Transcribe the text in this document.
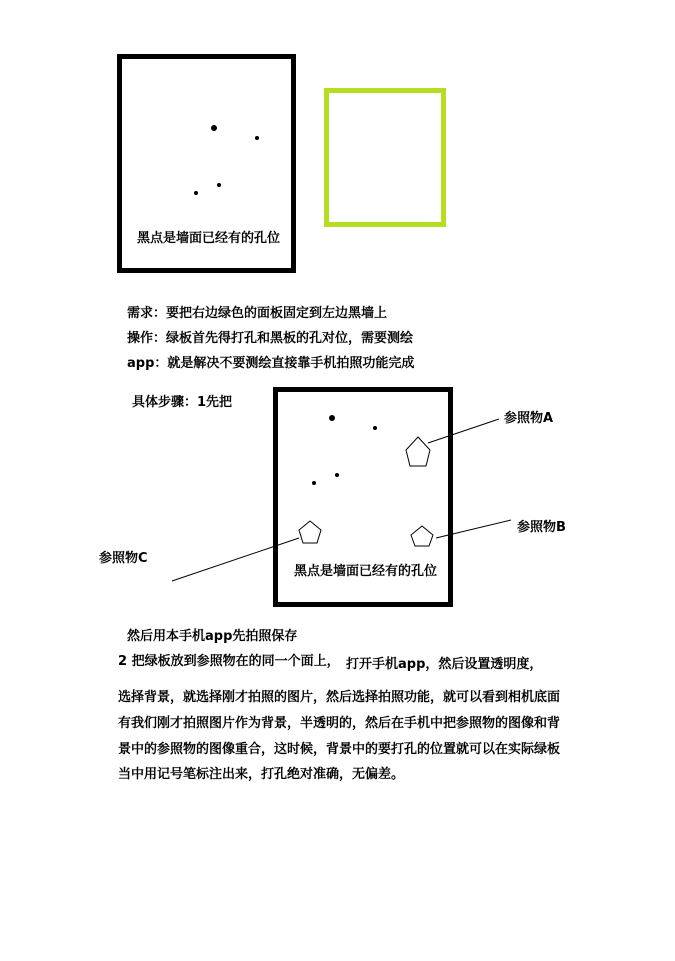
黑点是墙面已经有的孔位
需求：要把右边绿色的面板固定到左边黑墙上
操作：绿板首先得打孔和黑板的孔对位，需要测绘
app：就是解决不要测绘直接靠手机拍照功能完成
具体步骤：1先把
黑点是墙面已经有的孔位
参照物A
参照物B
参照物C
然后用本手机app先拍照保存
2 把绿板放到参照物在的同一个面上， 打开手机app，然后设置透明度，
选择背景，就选择刚才拍照的图片，然后选择拍照功能，就可以看到相机底面
有我们刚才拍照图片作为背景，半透明的，然后在手机中把参照物的图像和背
景中的参照物的图像重合，这时候，背景中的要打孔的位置就可以在实际绿板
当中用记号笔标注出来，打孔绝对准确，无偏差。
